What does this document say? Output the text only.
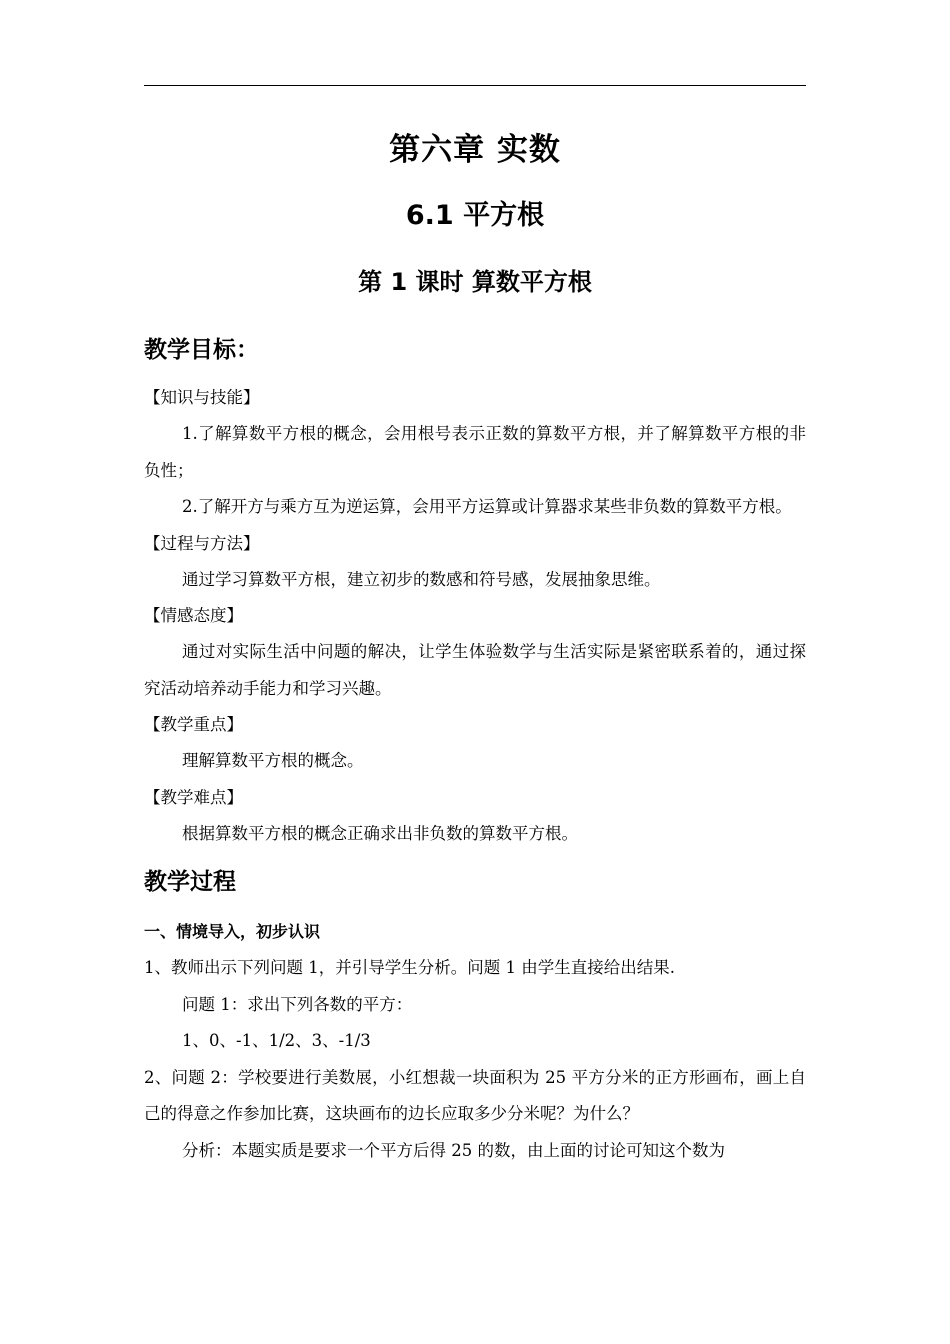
第六章 实数
6.1 平方根
第 1 课时 算数平方根
教学目标：
【知识与技能】
1.了解算数平方根的概念，会用根号表示正数的算数平方根，并了解算数平方根的非负性；
2.了解开方与乘方互为逆运算，会用平方运算或计算器求某些非负数的算数平方根。
【过程与方法】
通过学习算数平方根，建立初步的数感和符号感，发展抽象思维。
【情感态度】
通过对实际生活中问题的解决，让学生体验数学与生活实际是紧密联系着的，通过探究活动培养动手能力和学习兴趣。
【教学重点】
理解算数平方根的概念。
【教学难点】
根据算数平方根的概念正确求出非负数的算数平方根。
教学过程
一、情境导入，初步认识
1、教师出示下列问题 1，并引导学生分析。问题 1 由学生直接给出结果.
问题 1：求出下列各数的平方：
1、0、-1、1/2、3、-1/3
2、问题 2：学校要进行美数展，小红想裁一块面积为 25 平方分米的正方形画布，画上自己的得意之作参加比赛，这块画布的边长应取多少分米呢？为什么？
分析：本题实质是要求一个平方后得 25 的数，由上面的讨论可知这个数为
